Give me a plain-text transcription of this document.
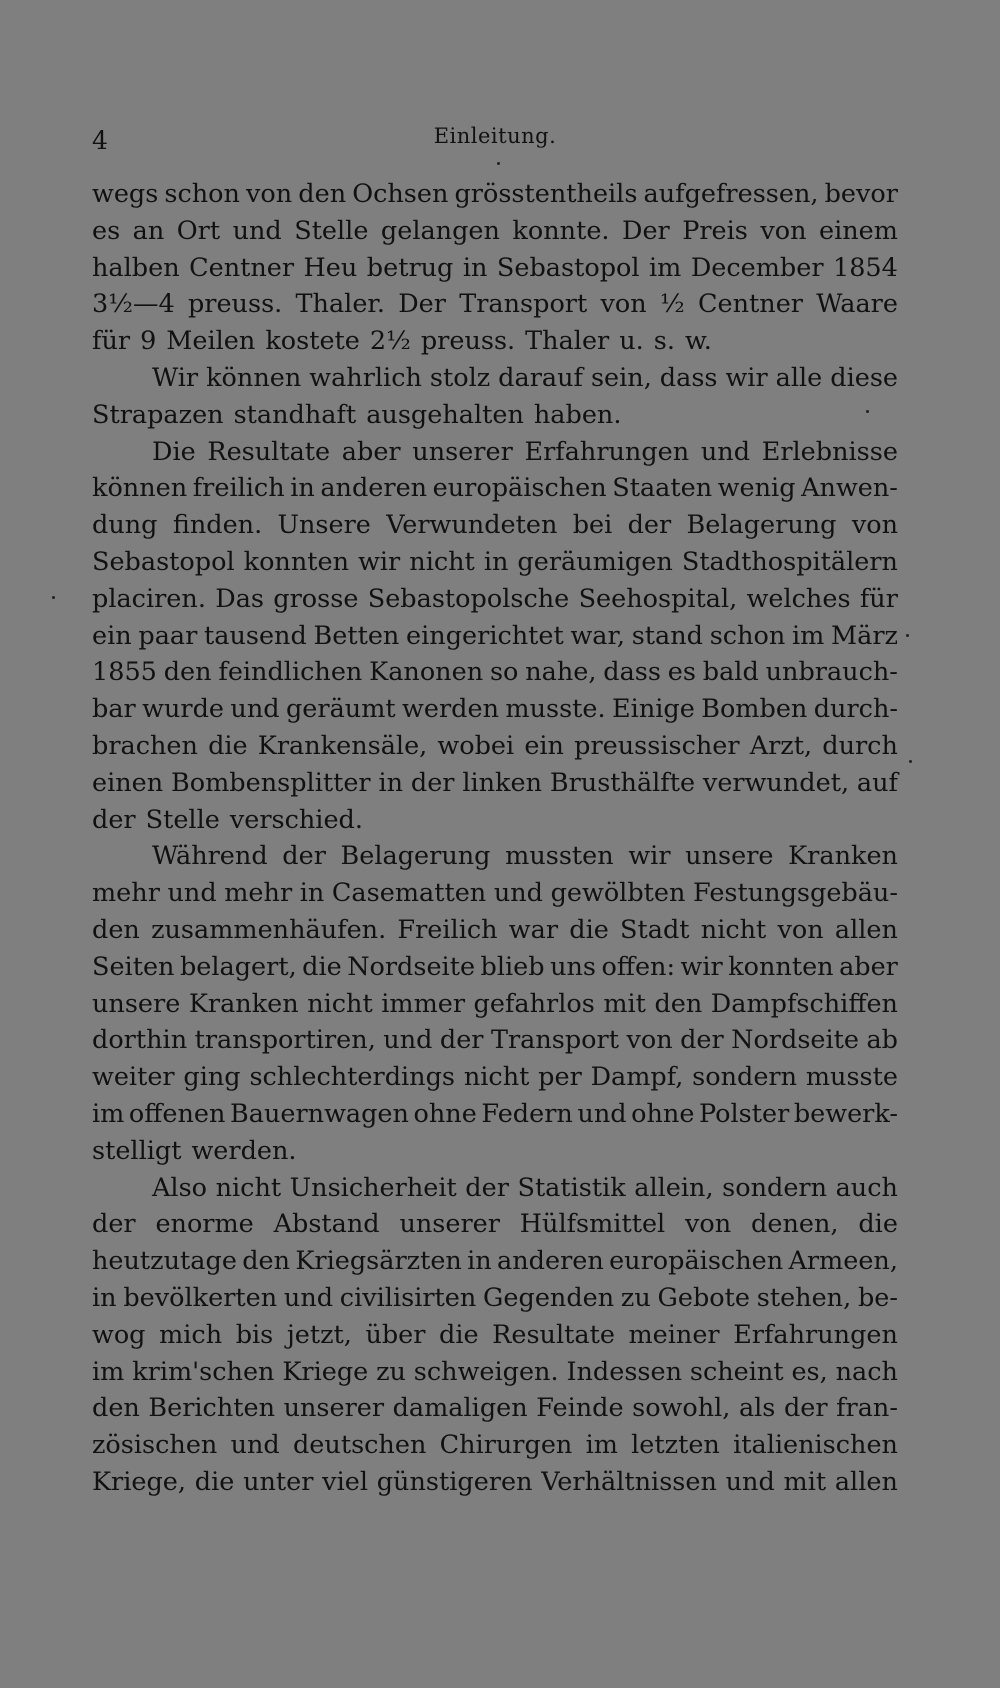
4	Einleitung.
wegs schon von den Ochsen grösstentheils aufgefressen, bevor
es an Ort und Stelle gelangen konnte. Der Preis von einem
halben Centner Heu betrug in Sebastopol im December 1854
3½—4 preuss. Thaler. Der Transport von ½ Centner Waare
für 9 Meilen kostete 2½ preuss. Thaler u. s. w.
Wir können wahrlich stolz darauf sein, dass wir alle diese
Strapazen standhaft ausgehalten haben.
Die Resultate aber unserer Erfahrungen und Erlebnisse
können freilich in anderen europäischen Staaten wenig Anwen-
dung finden. Unsere Verwundeten bei der Belagerung von
Sebastopol konnten wir nicht in geräumigen Stadthospitälern
placiren. Das grosse Sebastopolsche Seehospital, welches für
ein paar tausend Betten eingerichtet war, stand schon im März
1855 den feindlichen Kanonen so nahe, dass es bald unbrauch-
bar wurde und geräumt werden musste. Einige Bomben durch-
brachen die Krankensäle, wobei ein preussischer Arzt, durch
einen Bombensplitter in der linken Brusthälfte verwundet, auf
der Stelle verschied.
Während der Belagerung mussten wir unsere Kranken
mehr und mehr in Casematten und gewölbten Festungsgebäu-
den zusammenhäufen. Freilich war die Stadt nicht von allen
Seiten belagert, die Nordseite blieb uns offen: wir konnten aber
unsere Kranken nicht immer gefahrlos mit den Dampfschiffen
dorthin transportiren, und der Transport von der Nordseite ab
weiter ging schlechterdings nicht per Dampf, sondern musste
im offenen Bauernwagen ohne Federn und ohne Polster bewerk-
stelligt werden.
Also nicht Unsicherheit der Statistik allein, sondern auch
der enorme Abstand unserer Hülfsmittel von denen, die
heutzutage den Kriegsärzten in anderen europäischen Armeen,
in bevölkerten und civilisirten Gegenden zu Gebote stehen, be-
wog mich bis jetzt, über die Resultate meiner Erfahrungen
im krim'schen Kriege zu schweigen. Indessen scheint es, nach
den Berichten unserer damaligen Feinde sowohl, als der fran-
zösischen und deutschen Chirurgen im letzten italienischen
Kriege, die unter viel günstigeren Verhältnissen und mit allen
